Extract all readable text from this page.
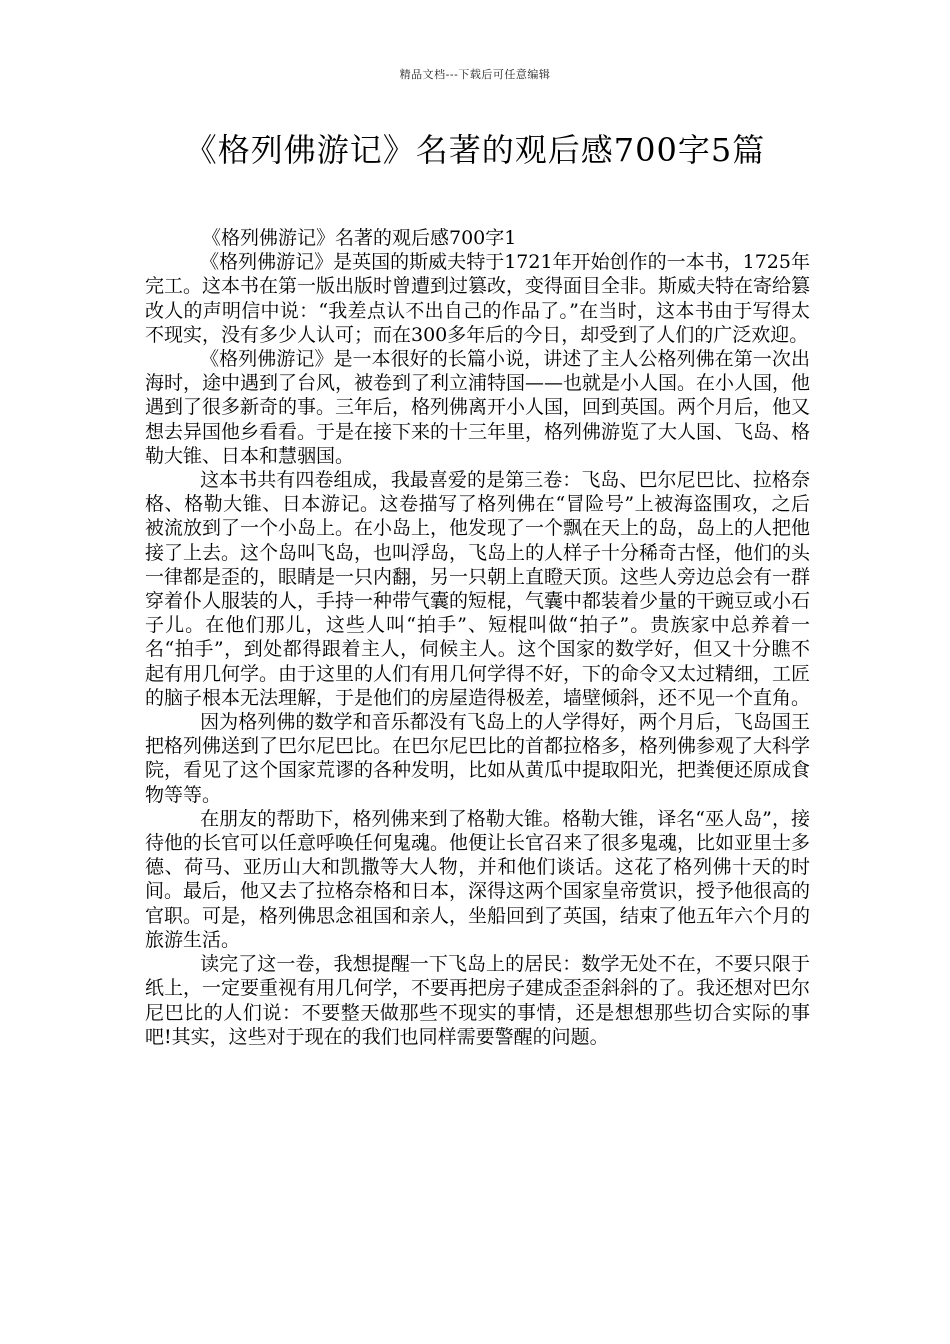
精品文档---下载后可任意编辑
《格列佛游记》名著的观后感700字5篇

《格列佛游记》名著的观后感700字1

《格列佛游记》是英国的斯威夫特于1721年开始创作的一本书，1725年完工。这本书在第一版出版时曾遭到过篡改，变得面目全非。斯威夫特在寄给篡改人的声明信中说：“我差点认不出自己的作品了。”在当时，这本书由于写得太不现实，没有多少人认可；而在300多年后的今日，却受到了人们的广泛欢迎。

《格列佛游记》是一本很好的长篇小说，讲述了主人公格列佛在第一次出海时，途中遇到了台风，被卷到了利立浦特国——也就是小人国。在小人国，他遇到了很多新奇的事。三年后，格列佛离开小人国，回到英国。两个月后，他又想去异国他乡看看。于是在接下来的十三年里，格列佛游览了大人国、飞岛、格勒大锥、日本和慧骃国。

这本书共有四卷组成，我最喜爱的是第三卷：飞岛、巴尔尼巴比、拉格奈格、格勒大锥、日本游记。这卷描写了格列佛在“冒险号”上被海盗围攻，之后被流放到了一个小岛上。在小岛上，他发现了一个飘在天上的岛，岛上的人把他接了上去。这个岛叫飞岛，也叫浮岛，飞岛上的人样子十分稀奇古怪，他们的头一律都是歪的，眼睛是一只内翻，另一只朝上直瞪天顶。这些人旁边总会有一群穿着仆人服装的人，手持一种带气囊的短棍，气囊中都装着少量的干豌豆或小石子儿。在他们那儿，这些人叫“拍手”、短棍叫做“拍子”。贵族家中总养着一名“拍手”，到处都得跟着主人，伺候主人。这个国家的数学好，但又十分瞧不起有用几何学。由于这里的人们有用几何学得不好，下的命令又太过精细，工匠的脑子根本无法理解，于是他们的房屋造得极差，墙壁倾斜，还不见一个直角。

因为格列佛的数学和音乐都没有飞岛上的人学得好，两个月后，飞岛国王把格列佛送到了巴尔尼巴比。在巴尔尼巴比的首都拉格多，格列佛参观了大科学院，看见了这个国家荒谬的各种发明，比如从黄瓜中提取阳光，把粪便还原成食物等等。

在朋友的帮助下，格列佛来到了格勒大锥。格勒大锥，译名“巫人岛”，接待他的长官可以任意呼唤任何鬼魂。他便让长官召来了很多鬼魂，比如亚里士多德、荷马、亚历山大和凯撒等大人物，并和他们谈话。这花了格列佛十天的时间。最后，他又去了拉格奈格和日本，深得这两个国家皇帝赏识，授予他很高的官职。可是，格列佛思念祖国和亲人，坐船回到了英国，结束了他五年六个月的旅游生活。

读完了这一卷，我想提醒一下飞岛上的居民：数学无处不在，不要只限于纸上，一定要重视有用几何学，不要再把房子建成歪歪斜斜的了。我还想对巴尔尼巴比的人们说：不要整天做那些不现实的事情，还是想想那些切合实际的事吧!其实，这些对于现在的我们也同样需要警醒的问题。
